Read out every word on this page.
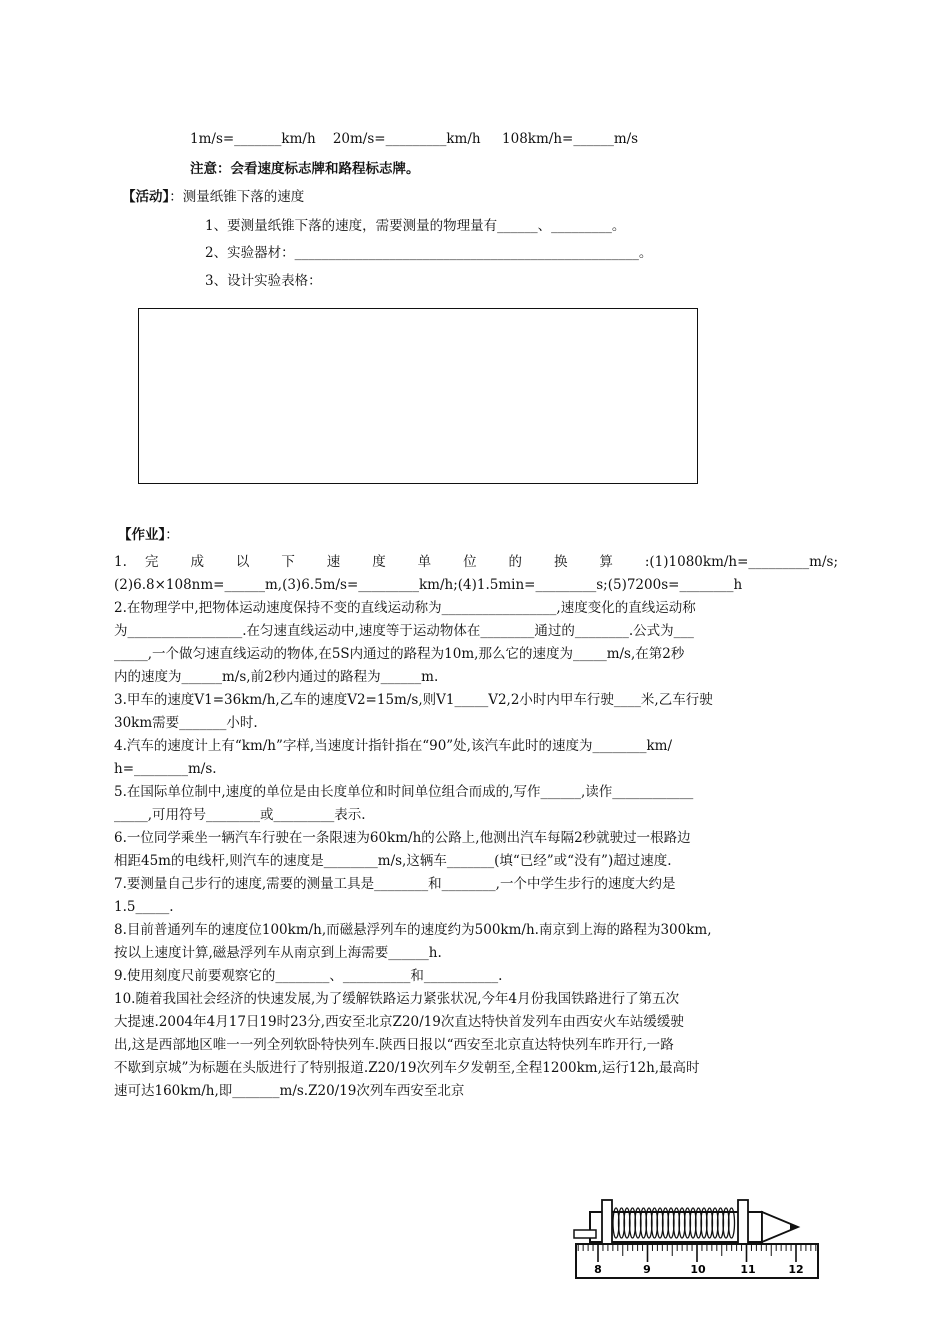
1m/s=_______km/h    20m/s=_________km/h     108km/h=______m/s
注意：会看速度标志牌和路程标志牌。
【活动】：测量纸锥下落的速度
1、要测量纸锥下落的速度，需要测量的物理量有______、_________。
2、实验器材：___________________________________________________。
3、设计实验表格：
【作业】：
1. 完 成 以 下 速 度 单 位 的 换 算 :(1)1080km/h=_________m/s;
(2)6.8×108nm=______m,(3)6.5m/s=_________km/h;(4)1.5min=_________s;(5)7200s=________h
2.在物理学中,把物体运动速度保持不变的直线运动称为_________________,速度变化的直线运动称
为_________________.在匀速直线运动中,速度等于运动物体在________通过的________.公式为___
_____,一个做匀速直线运动的物体,在5S内通过的路程为10m,那么它的速度为_____m/s,在第2秒
内的速度为______m/s,前2秒内通过的路程为______m.
3.甲车的速度V1=36km/h,乙车的速度V2=15m/s,则V1_____V2,2小时内甲车行驶____米,乙车行驶
30km需要_______小时.
4.汽车的速度计上有“km/h”字样,当速度计指针指在“90”处,该汽车此时的速度为________km/
h=________m/s.
5.在国际单位制中,速度的单位是由长度单位和时间单位组合而成的,写作______,读作____________
_____,可用符号________或_________表示.
6.一位同学乘坐一辆汽车行驶在一条限速为60km/h的公路上,他测出汽车每隔2秒就驶过一根路边
相距45m的电线杆,则汽车的速度是________m/s,这辆车_______(填“已经”或“没有”)超过速度.
7.要测量自己步行的速度,需要的测量工具是________和________,一个中学生步行的速度大约是
1.5_____.
8.目前普通列车的速度位100km/h,而磁悬浮列车的速度约为500km/h.南京到上海的路程为300km,
按以上速度计算,磁悬浮列车从南京到上海需要______h.
9.使用刻度尺前要观察它的________、__________和___________.
10.随着我国社会经济的快速发展,为了缓解铁路运力紧张状况,今年4月份我国铁路进行了第五次
大提速.2004年4月17日19时23分,西安至北京Z20/19次直达特快首发列车由西安火车站缓缓驶
出,这是西部地区唯一一列全列软卧特快列车.陕西日报以“西安至北京直达特快列车昨开行,一路
不歇到京城”为标题在头版进行了特别报道.Z20/19次列车夕发朝至,全程1200km,运行12h,最高时
速可达160km/h,即_______m/s.Z20/19次列车西安至北京
8	9	10	11	12
